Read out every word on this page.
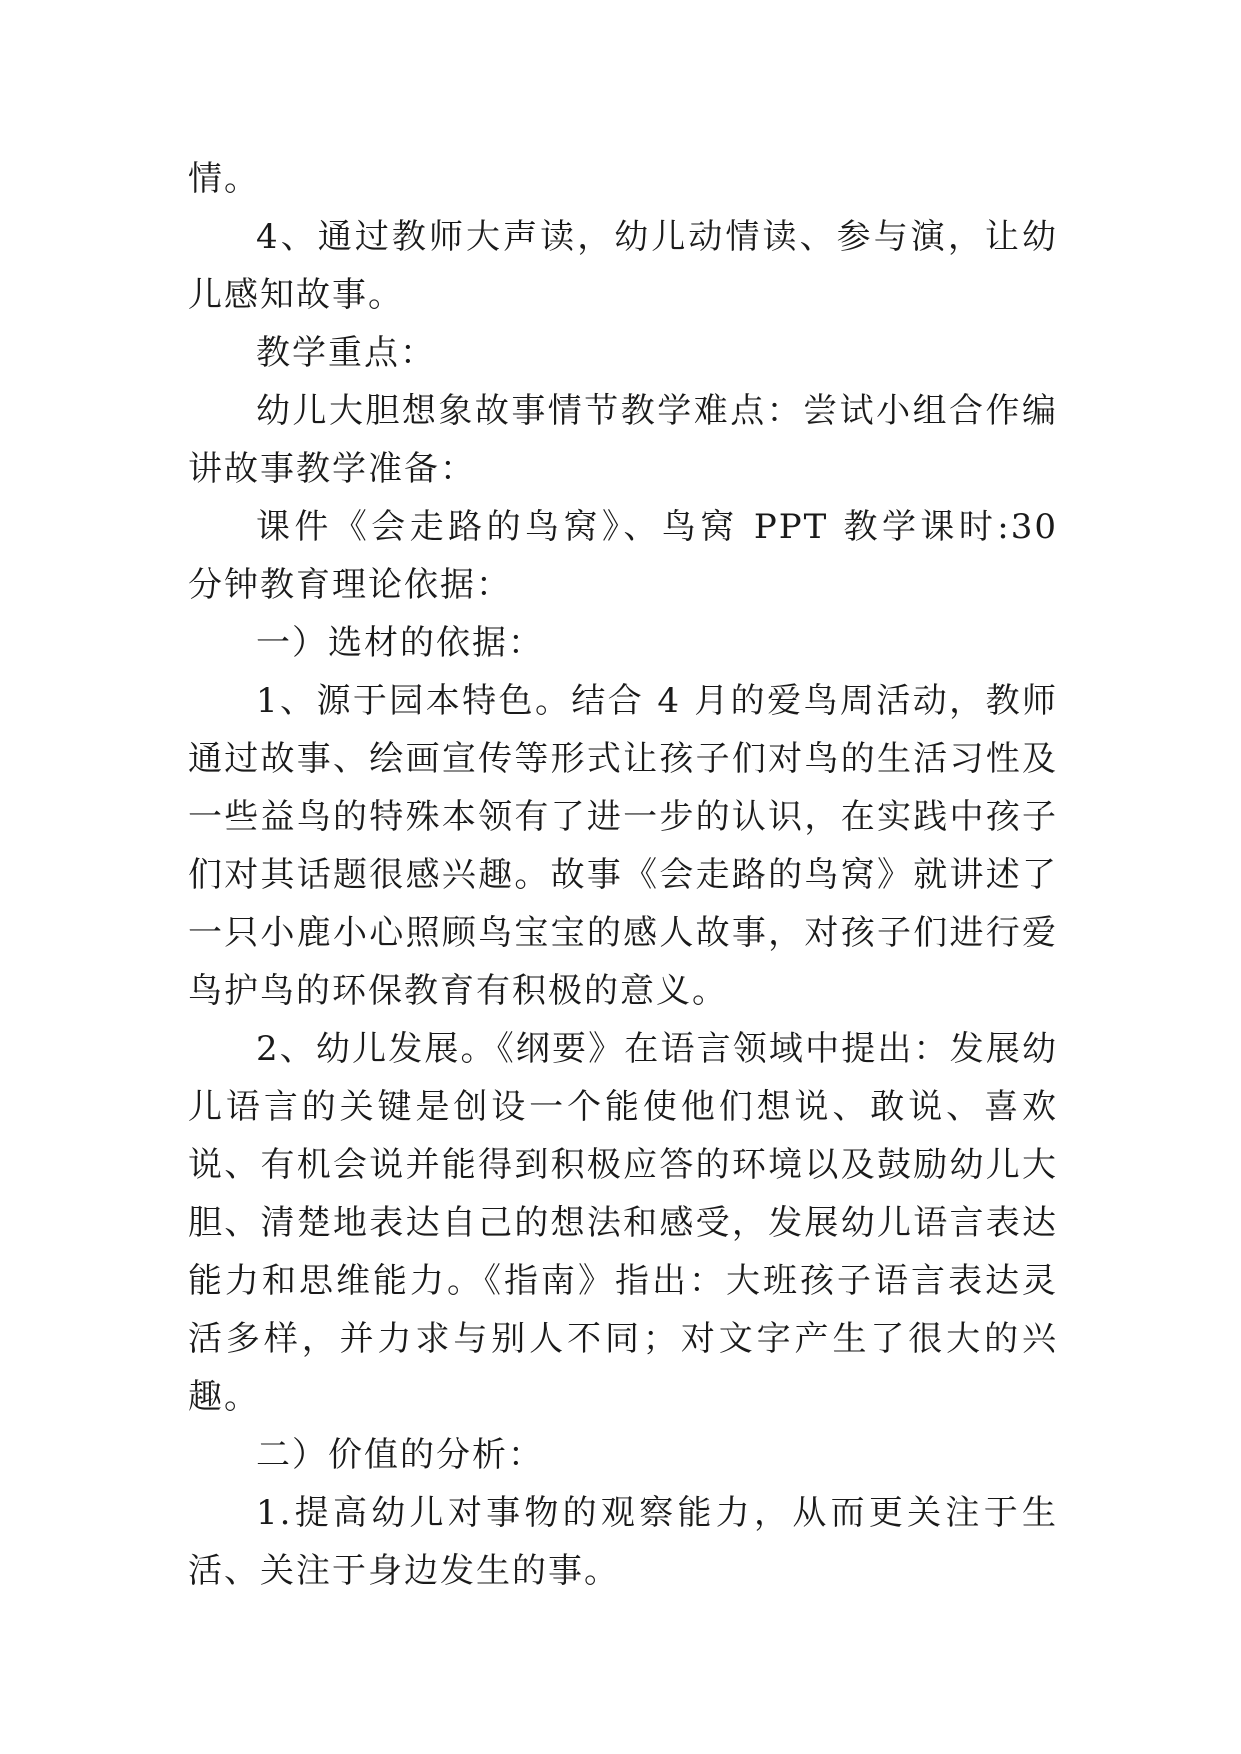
情。

4、通过教师大声读，幼儿动情读、参与演，让幼儿感知故事。

教学重点：

幼儿大胆想象故事情节教学难点：尝试小组合作编讲故事教学准备：

课件《会走路的鸟窝》、鸟窝 PPT 教学课时:30 分钟教育理论依据：

一）选材的依据：

1、源于园本特色。结合 4 月的爱鸟周活动，教师通过故事、绘画宣传等形式让孩子们对鸟的生活习性及一些益鸟的特殊本领有了进一步的认识，在实践中孩子们对其话题很感兴趣。故事《会走路的鸟窝》就讲述了一只小鹿小心照顾鸟宝宝的感人故事，对孩子们进行爱鸟护鸟的环保教育有积极的意义。

2、幼儿发展。《纲要》在语言领域中提出：发展幼儿语言的关键是创设一个能使他们想说、敢说、喜欢说、有机会说并能得到积极应答的环境以及鼓励幼儿大胆、清楚地表达自己的想法和感受，发展幼儿语言表达能力和思维能力。《指南》指出：大班孩子语言表达灵活多样，并力求与别人不同；对文字产生了很大的兴趣。

二）价值的分析：

1.提高幼儿对事物的观察能力，从而更关注于生活、关注于身边发生的事。
